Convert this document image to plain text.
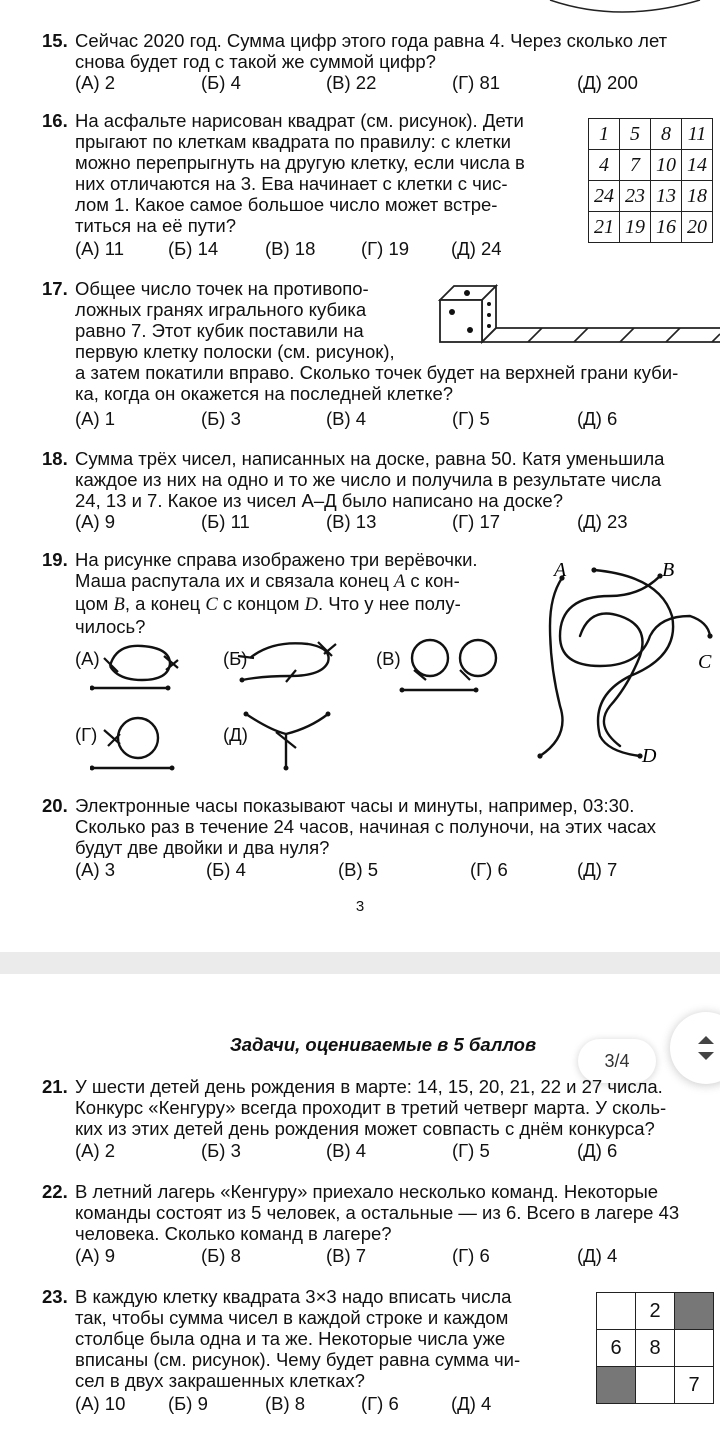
15. Сейчас 2020 год. Сумма цифр этого года равна 4. Через сколько лет
снова будет год с такой же суммой цифр?
(А) 2	(Б) 4	(В) 22	(Г) 81	(Д) 200
16. На асфальте нарисован квадрат (см. рисунок). Дети
прыгают по клеткам квадрата по правилу: с клетки
можно перепрыгнуть на другую клетку, если числа в
них отличаются на 3. Ева начинает с клетки с чис-
лом 1. Какое самое большое число может встре-
титься на её пути?
(А) 11 (Б) 14	(В) 18 (Г) 19 (Д) 24
1	5	8	11
4	7	10	14
24	23	13	18
21	19	16	20
17. Общее число точек на противопо-
ложных гранях игрального кубика
равно 7. Этот кубик поставили на
первую клетку полоски (см. рисунок),
а затем покатили вправо. Сколько точек будет на верхней грани куби-
ка, когда он окажется на последней клетке?
(А) 1	(Б) 3	(В) 4	(Г) 5	(Д) 6
18. Сумма трёх чисел, написанных на доске, равна 50. Катя уменьшила
каждое из них на одно и то же число и получила в результате числа
24, 13 и 7. Какое из чисел А–Д было написано на доске?
(А) 9	(Б) 11	(В) 13	(Г) 17	(Д) 23
19. На рисунке справа изображено три верёвочки.
Маша распутала их и связала конец A с кон-
цом B, а конец C с концом D. Что у нее полу-
чилось?
(А)	(Б)	(В)
(Г)	(Д)
A	B
C
D
20. Электронные часы показывают часы и минуты, например, 03:30.
Сколько раз в течение 24 часов, начиная с полуночи, на этих часах
будут две двойки и два нуля?
(А) 3	(Б) 4	(В) 5	(Г) 6	(Д) 7
3
Задачи, оцениваемые в 5 баллов
3/4
21. У шести детей день рождения в марте: 14, 15, 20, 21, 22 и 27 числа.
Конкурс «Кенгуру» всегда проходит в третий четверг марта. У сколь-
ких из этих детей день рождения может совпасть с днём конкурса?
(А) 2	(Б) 3	(В) 4	(Г) 5	(Д) 6
22. В летний лагерь «Кенгуру» приехало несколько команд. Некоторые
команды состоят из 5 человек, а остальные — из 6. Всего в лагере 43
человека. Сколько команд в лагере?
(А) 9	(Б) 8	(В) 7	(Г) 6	(Д) 4
23. В каждую клетку квадрата 3×3 надо вписать числа
так, чтобы сумма чисел в каждой строке и каждом
столбце была одна и та же. Некоторые числа уже
вписаны (см. рисунок). Чему будет равна сумма чи-
сел в двух закрашенных клетках?
(А) 10 (Б) 9	(В) 8	(Г) 6	(Д) 4
	2	
6	8	
		7
